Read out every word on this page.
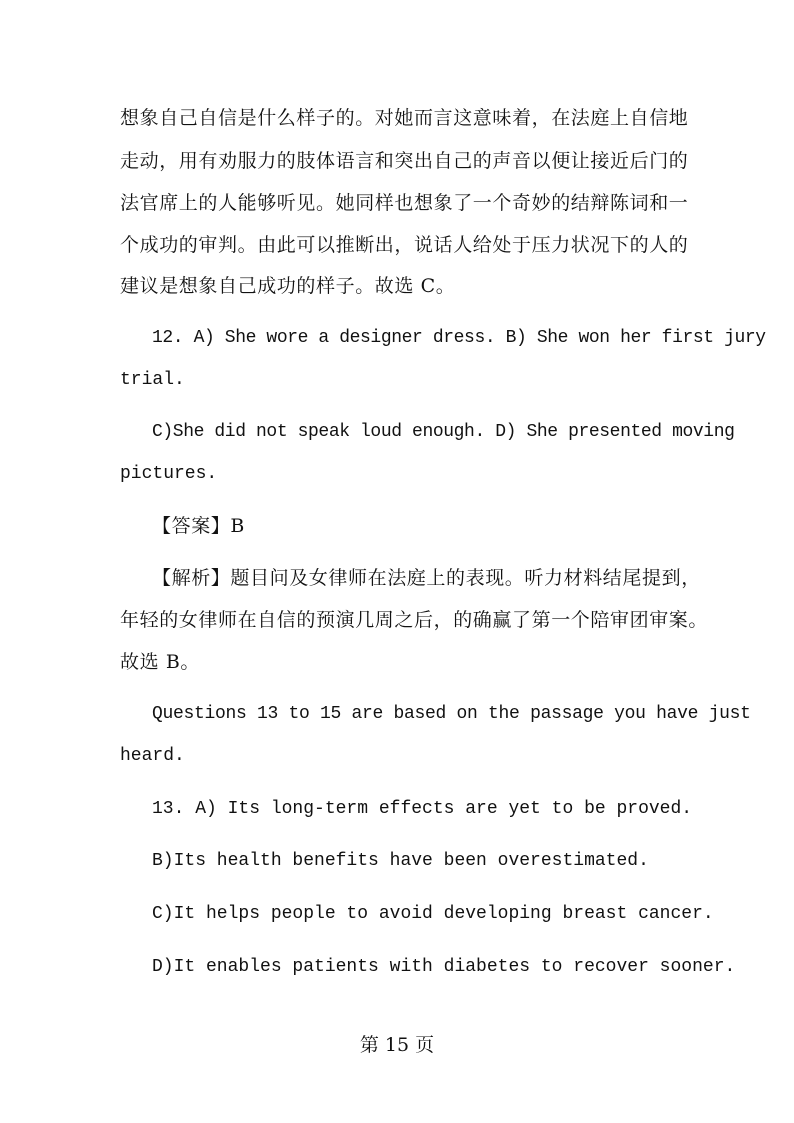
想象自己自信是什么样子的。对她而言这意味着，在法庭上自信地
走动，用有劝服力的肢体语言和突出自己的声音以便让接近后门的
法官席上的人能够听见。她同样也想象了一个奇妙的结辩陈词和一
个成功的审判。由此可以推断出，说话人给处于压力状况下的人的
建议是想象自己成功的样子。故选 C。
12. A) She wore a designer dress. B) She won her first jury
trial.
C)She did not speak loud enough. D) She presented moving
pictures.
【答案】B
【解析】题目问及女律师在法庭上的表现。听力材料结尾提到，
年轻的女律师在自信的预演几周之后，的确赢了第一个陪审团审案。
故选 B。
Questions 13 to 15 are based on the passage you have just
heard.
13. A) Its long-term effects are yet to be proved.
B)Its health benefits have been overestimated.
C)It helps people to avoid developing breast cancer.
D)It enables patients with diabetes to recover sooner.
第 15 页
